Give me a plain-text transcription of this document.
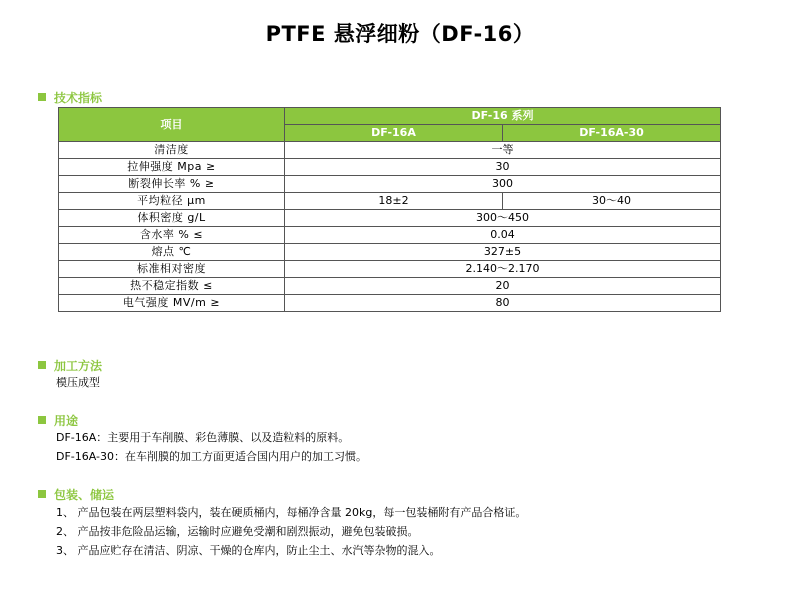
PTFE 悬浮细粉（DF-16）
技术指标
项目	DF-16 系列	
	DF-16A	DF-16A-30
清洁度	一等	
拉伸强度 Mpa ≥	30	
断裂伸长率 % ≥	300	
平均粒径 μm	18±2	30～40
体积密度 g/L	300～450	
含水率 % ≤	0.04	
熔点 ℃	327±5	
标准相对密度	2.140～2.170	
热不稳定指数 ≤	20	
电气强度 MV/m ≥	80	
加工方法
模压成型
用途
DF-16A：主要用于车削膜、彩色薄膜、以及造粒料的原料。
DF-16A-30：在车削膜的加工方面更适合国内用户的加工习惯。
包装、储运
1、 产品包装在两层塑料袋内，装在硬质桶内，每桶净含量 20kg，每一包装桶附有产品合格证。
2、 产品按非危险品运输，运输时应避免受潮和剧烈振动，避免包装破损。
3、 产品应贮存在清洁、阴凉、干燥的仓库内，防止尘土、水汽等杂物的混入。
